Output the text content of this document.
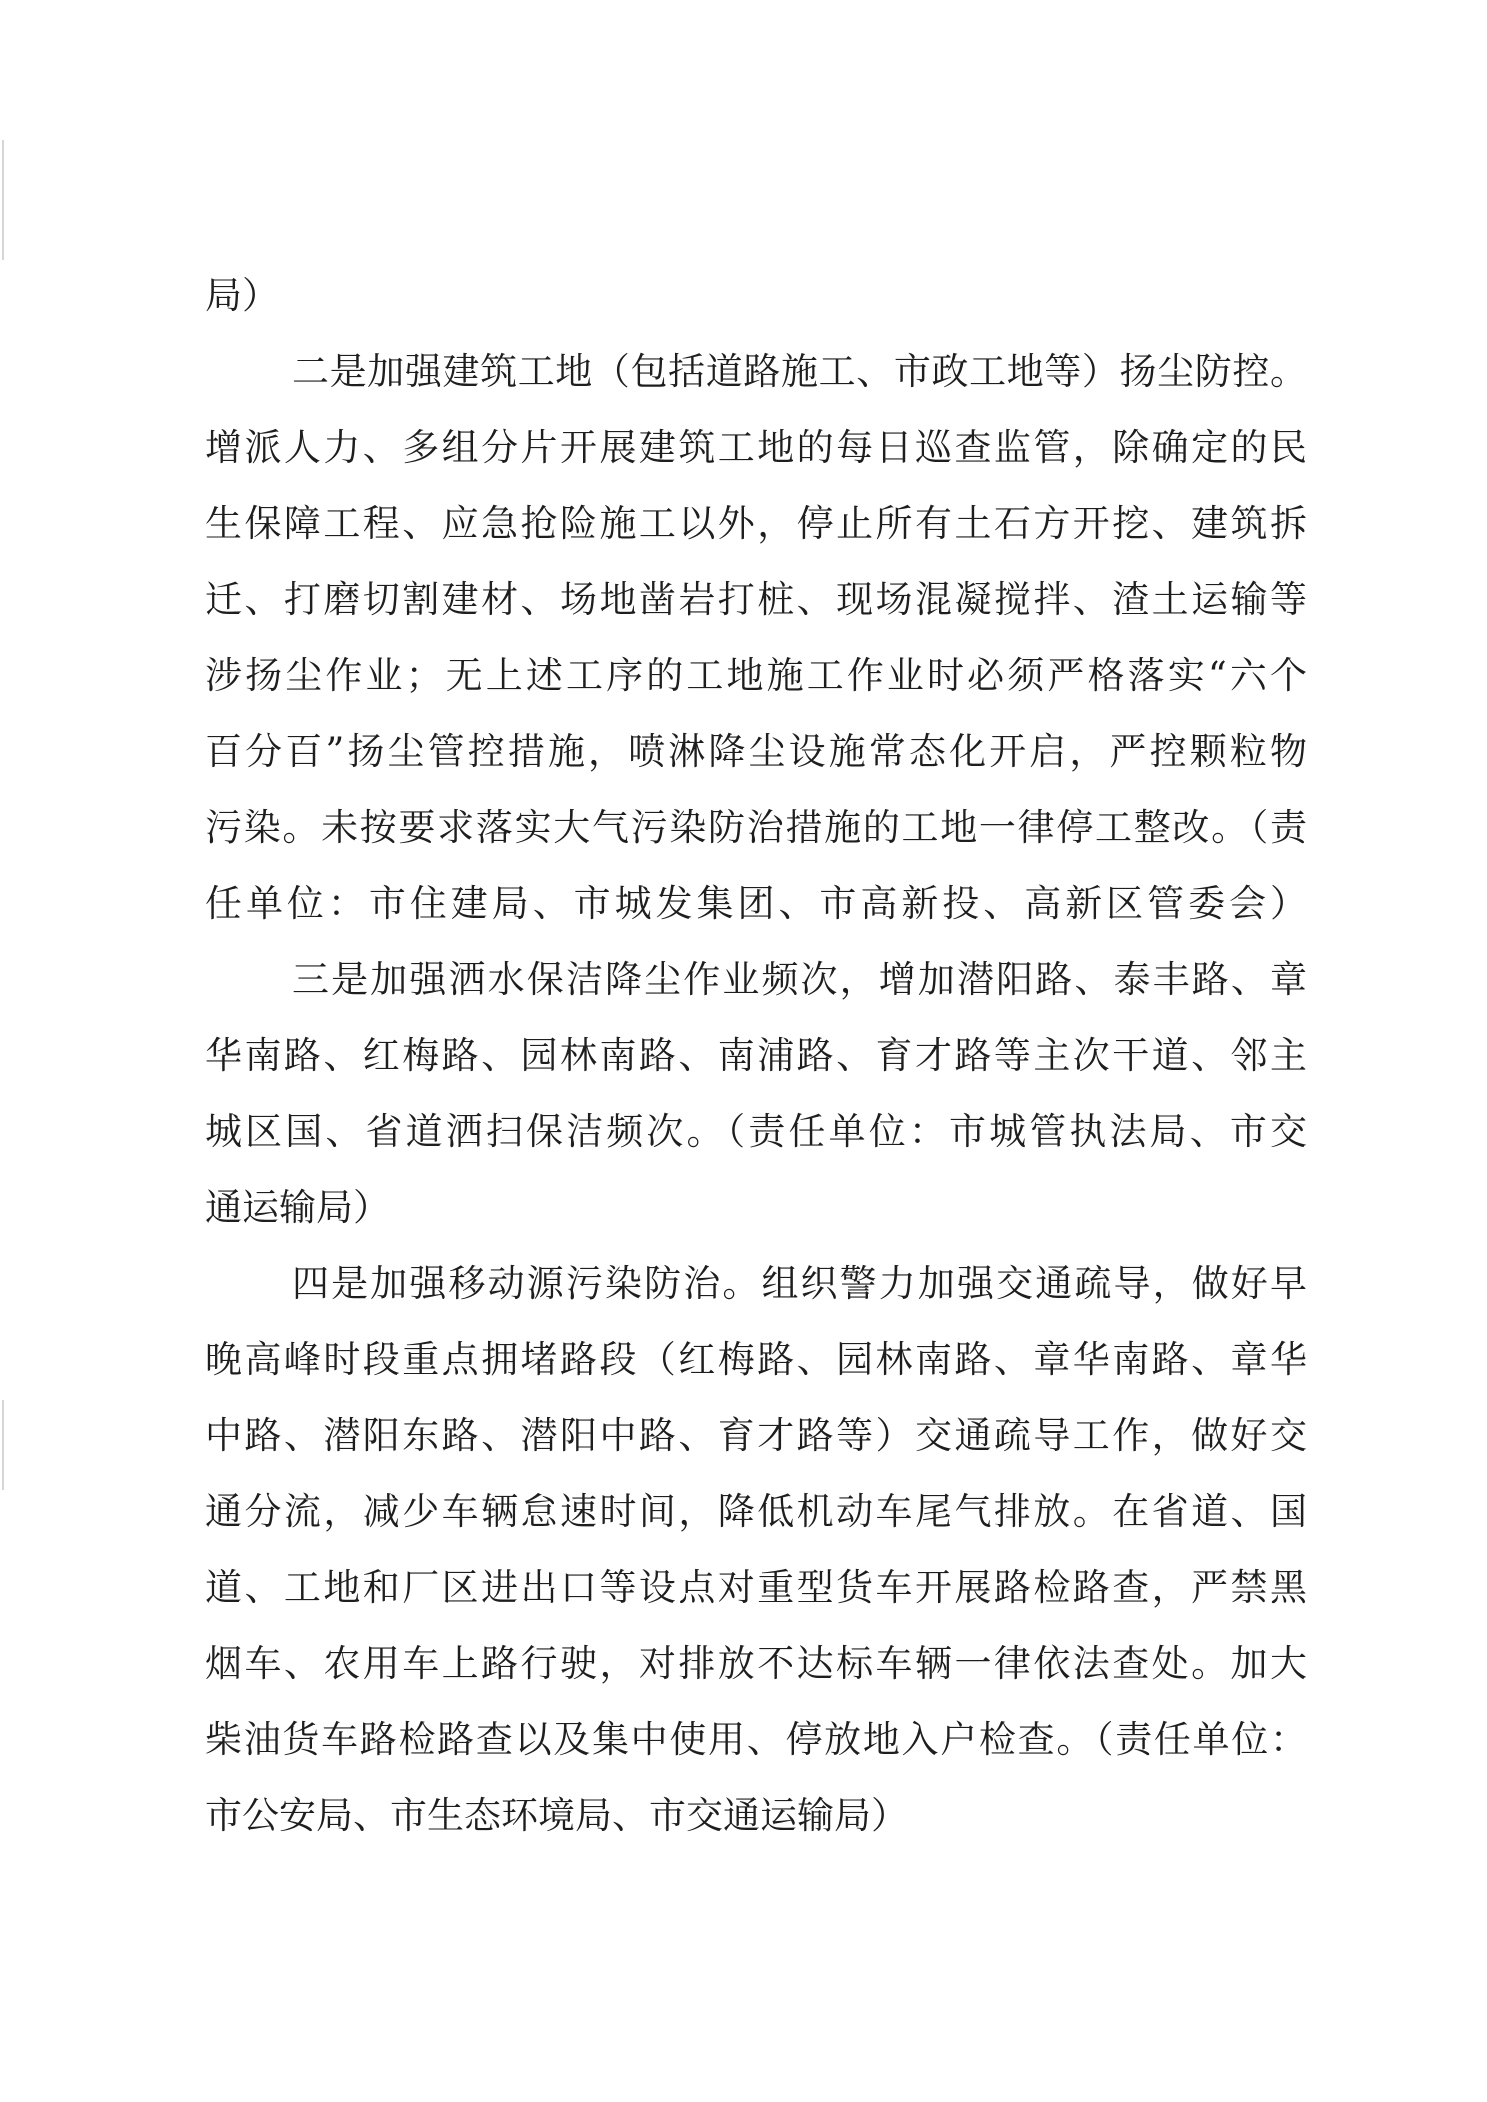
局）

二是加强建筑工地（包括道路施工、市政工地等）扬尘防控。

增派人力、多组分片开展建筑工地的每日巡查监管，除确定的民

生保障工程、应急抢险施工以外，停止所有土石方开挖、建筑拆

迁、打磨切割建材、场地凿岩打桩、现场混凝搅拌、渣土运输等

涉扬尘作业；无上述工序的工地施工作业时必须严格落实“六个

百分百”扬尘管控措施，喷淋降尘设施常态化开启，严控颗粒物

污染。未按要求落实大气污染防治措施的工地一律停工整改。（责

任单位：市住建局、市城发集团、市高新投、高新区管委会）

三是加强洒水保洁降尘作业频次，增加潜阳路、泰丰路、章

华南路、红梅路、园林南路、南浦路、育才路等主次干道、邻主

城区国、省道洒扫保洁频次。（责任单位：市城管执法局、市交

通运输局）

四是加强移动源污染防治。组织警力加强交通疏导，做好早

晚高峰时段重点拥堵路段（红梅路、园林南路、章华南路、章华

中路、潜阳东路、潜阳中路、育才路等）交通疏导工作，做好交

通分流，减少车辆怠速时间，降低机动车尾气排放。在省道、国

道、工地和厂区进出口等设点对重型货车开展路检路查，严禁黑

烟车、农用车上路行驶，对排放不达标车辆一律依法查处。加大

柴油货车路检路查以及集中使用、停放地入户检查。（责任单位：

市公安局、市生态环境局、市交通运输局）
